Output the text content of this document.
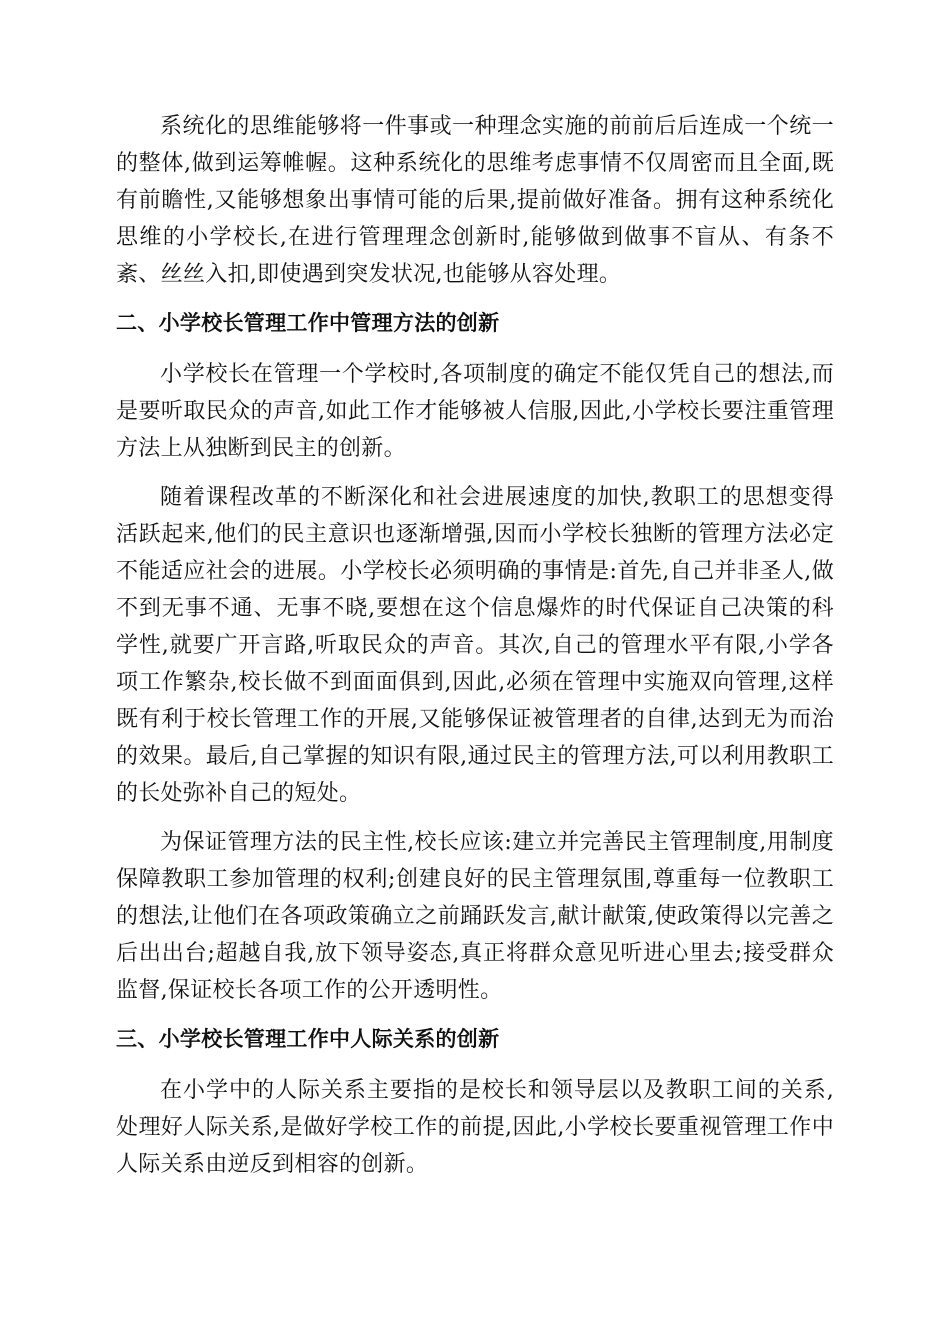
系统化的思维能够将一件事或一种理念实施的前前后后连成一个统一的整体,做到运筹帷幄。这种系统化的思维考虑事情不仅周密而且全面,既有前瞻性,又能够想象出事情可能的后果,提前做好准备。拥有这种系统化思维的小学校长,在进行管理理念创新时,能够做到做事不盲从、有条不紊、丝丝入扣,即使遇到突发状况,也能够从容处理。

二、小学校长管理工作中管理方法的创新

小学校长在管理一个学校时,各项制度的确定不能仅凭自己的想法,而是要听取民众的声音,如此工作才能够被人信服,因此,小学校长要注重管理方法上从独断到民主的创新。

随着课程改革的不断深化和社会进展速度的加快,教职工的思想变得活跃起来,他们的民主意识也逐渐增强,因而小学校长独断的管理方法必定不能适应社会的进展。小学校长必须明确的事情是:首先,自己并非圣人,做不到无事不通、无事不晓,要想在这个信息爆炸的时代保证自己决策的科学性,就要广开言路,听取民众的声音。其次,自己的管理水平有限,小学各项工作繁杂,校长做不到面面俱到,因此,必须在管理中实施双向管理,这样既有利于校长管理工作的开展,又能够保证被管理者的自律,达到无为而治的效果。最后,自己掌握的知识有限,通过民主的管理方法,可以利用教职工的长处弥补自己的短处。

为保证管理方法的民主性,校长应该:建立并完善民主管理制度,用制度保障教职工参加管理的权利;创建良好的民主管理氛围,尊重每一位教职工的想法,让他们在各项政策确立之前踊跃发言,献计献策,使政策得以完善之后出出台;超越自我,放下领导姿态,真正将群众意见听进心里去;接受群众监督,保证校长各项工作的公开透明性。

三、小学校长管理工作中人际关系的创新

在小学中的人际关系主要指的是校长和领导层以及教职工间的关系,处理好人际关系,是做好学校工作的前提,因此,小学校长要重视管理工作中人际关系由逆反到相容的创新。
